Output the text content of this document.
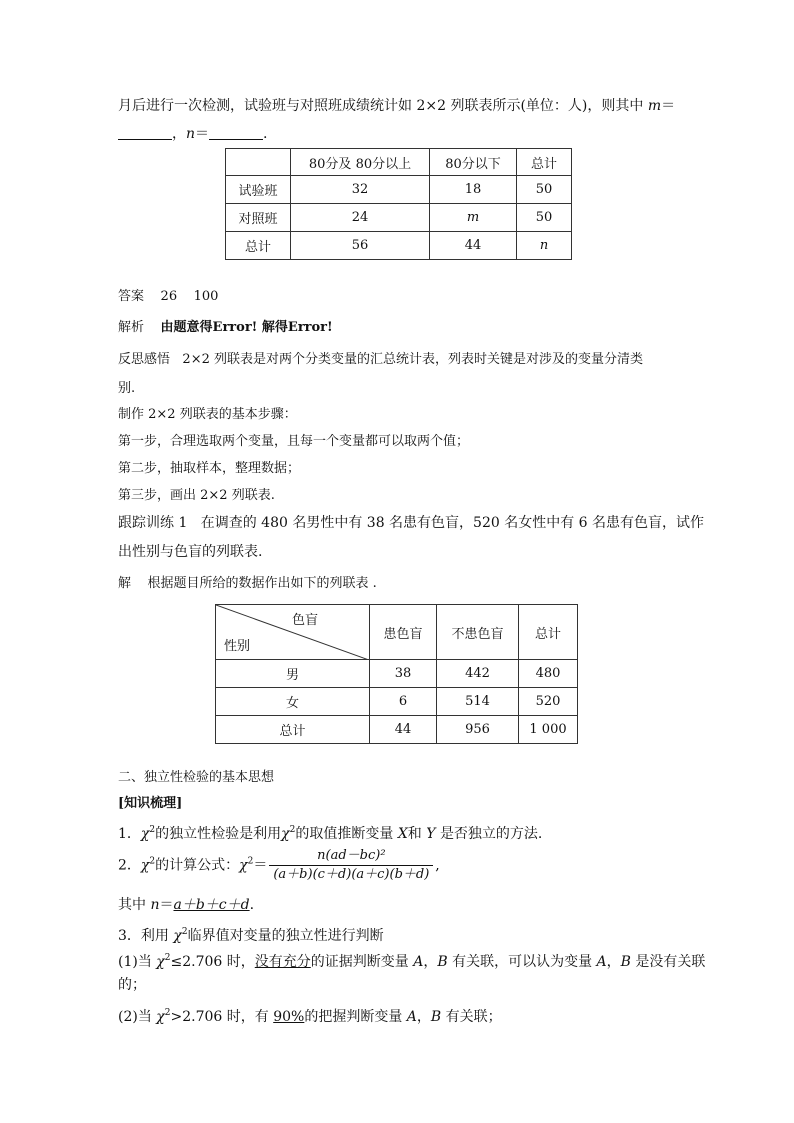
月后进行一次检测，试验班与对照班成绩统计如 2×2 列联表所示(单位：人)，则其中 m＝
，n＝	.
	80分及 80分以上	80分以下	总计
试验班	32	18	50
对照班	24	m	50
总计	56	44	n
答案 26 100
解析 由题意得Error! 解得Error!
反思感悟 2×2 列联表是对两个分类变量的汇总统计表，列表时关键是对涉及的变量分清类
别.
制作 2×2 列联表的基本步骤：
第一步，合理选取两个变量，且每一个变量都可以取两个值；
第二步，抽取样本，整理数据；
第三步，画出 2×2 列联表.
跟踪训练 1 在调查的 480 名男性中有 38 名患有色盲，520 名女性中有 6 名患有色盲，试作
出性别与色盲的列联表.
解 根据题目所给的数据作出如下的列联表 .
色盲
性别	患色盲	不患色盲	总计
男	38	442	480
女	6	514	520
总计	44	956	1 000
二、独立性检验的基本思想
[知识梳理]
1．$\chi^2$的独立性检验是利用$\chi^2$的取值推断变量 X和 Y 是否独立的方法.
2．$\chi^2$的计算公式：$\chi^2= \frac{\text{n(ad－bc)²}}{(a+b)(c+d)(a+c)(b+d)}$ ,
其中 n＝a＋b＋c＋d.
3．利用 $\chi^2$临界值对变量的独立性进行判断
(1)当 $\chi^2\le 2.706$ 时，没有充分的证据判断变量 A，B 有关联，可以认为变量 A，B 是没有关联
的；
(2)当 $\chi^2>2.706$ 时，有 90%的把握判断变量 A，B 有关联；
